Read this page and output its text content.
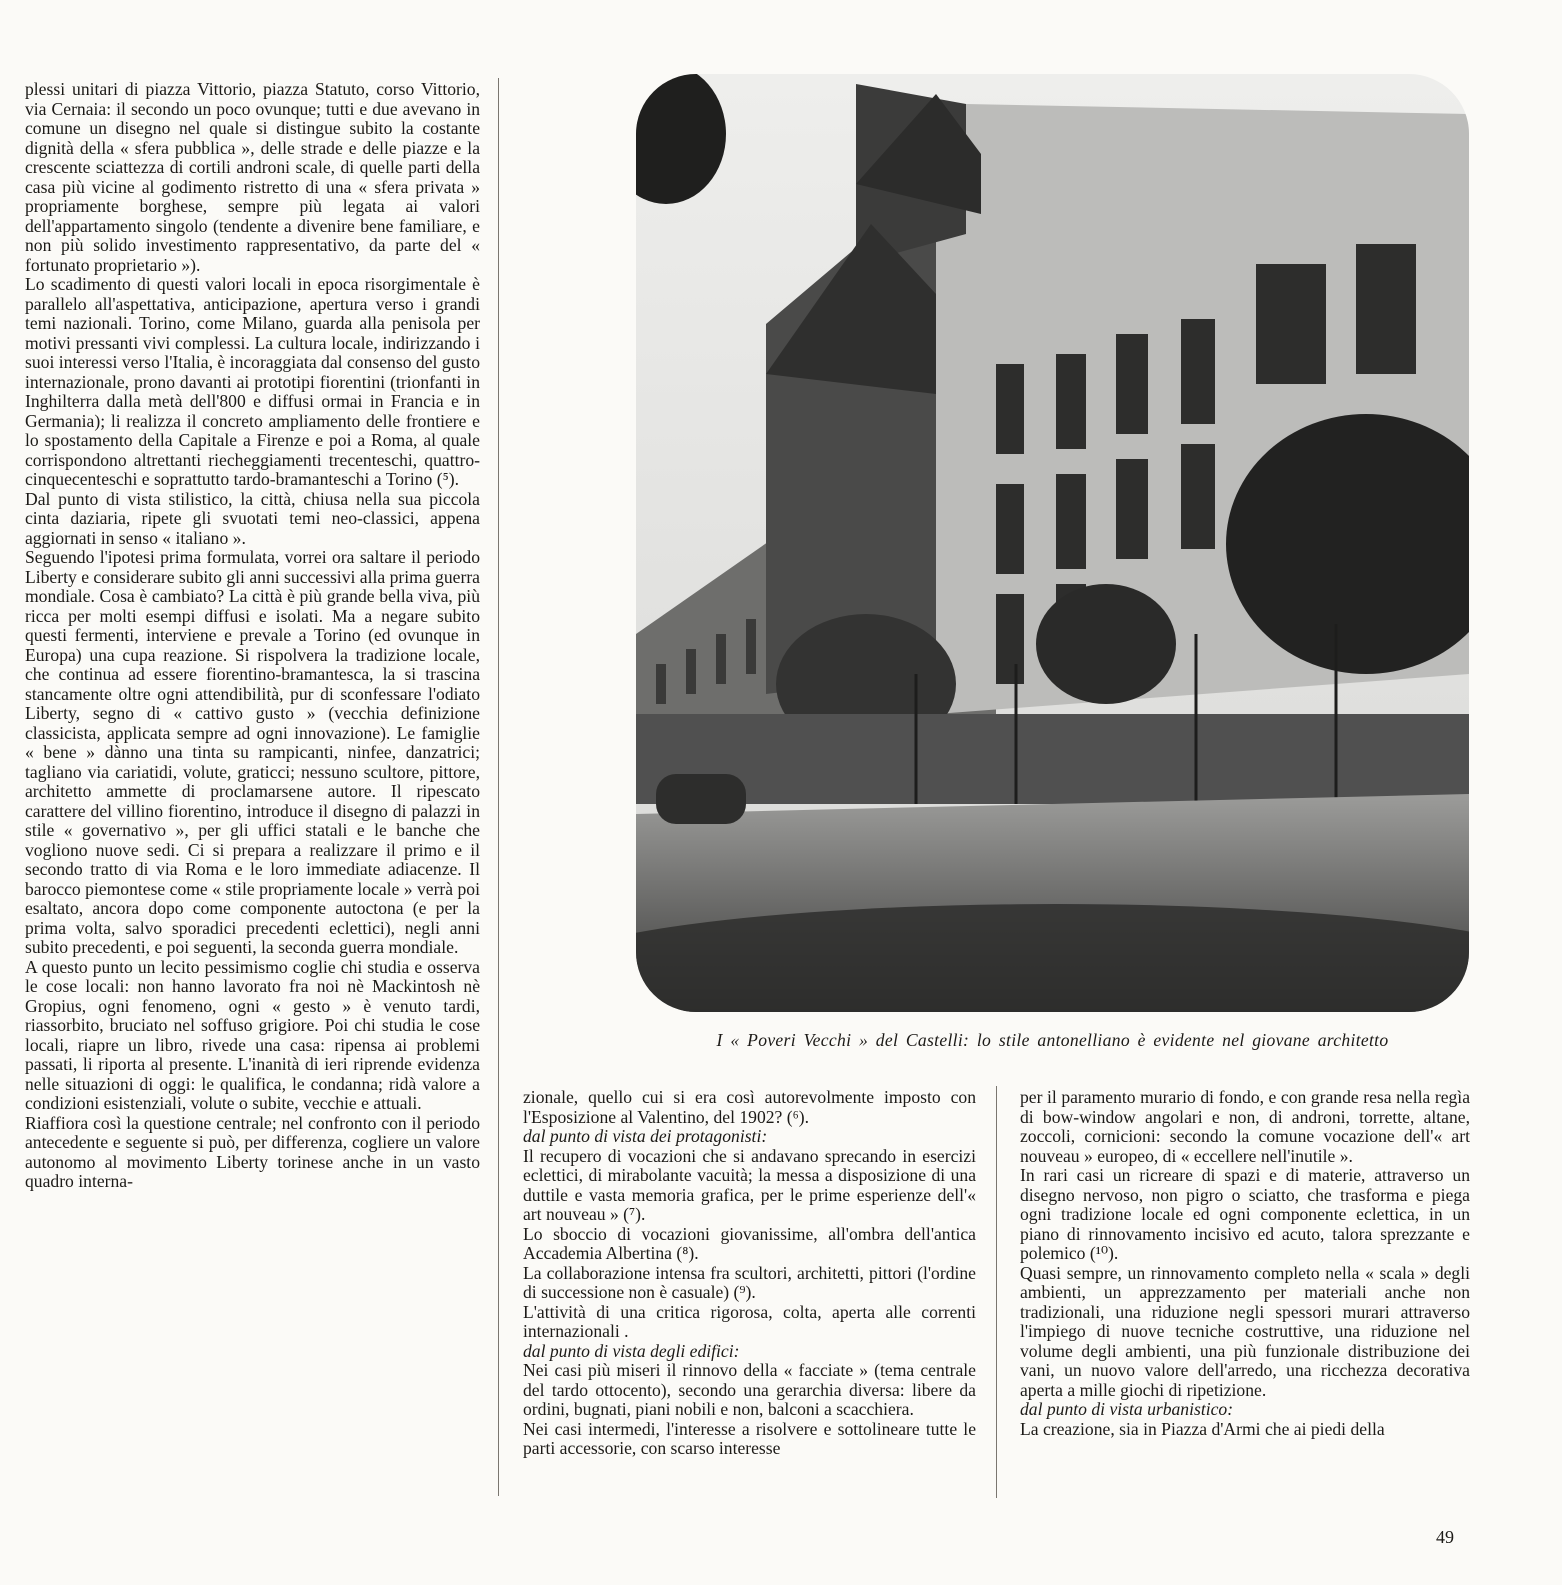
plessi unitari di piazza Vittorio, piazza Statuto, corso Vittorio, via Cernaia: il secondo un poco ovunque; tutti e due avevano in comune un disegno nel quale si distingue subito la costante dignità della « sfera pubblica », delle strade e delle piazze e la crescente sciattezza di cortili androni scale, di quelle parti della casa più vicine al godimento ristretto di una « sfera privata » propriamente borghese, sempre più legata ai valori dell'appartamento singolo (tendente a divenire bene familiare, e non più solido investimento rappresentativo, da parte del « fortunato proprietario »).

Lo scadimento di questi valori locali in epoca risorgimentale è parallelo all'aspettativa, anticipazione, apertura verso i grandi temi nazionali. Torino, come Milano, guarda alla penisola per motivi pressanti vivi complessi. La cultura locale, indirizzando i suoi interessi verso l'Italia, è incoraggiata dal consenso del gusto internazionale, prono davanti ai prototipi fiorentini (trionfanti in Inghilterra dalla metà dell'800 e diffusi ormai in Francia e in Germania); li realizza il concreto ampliamento delle frontiere e lo spostamento della Capitale a Firenze e poi a Roma, al quale corrispondono altrettanti riecheggiamenti trecenteschi, quattro-cinquecenteschi e soprattutto tardo-bramanteschi a Torino (⁵).

Dal punto di vista stilistico, la città, chiusa nella sua piccola cinta daziaria, ripete gli svuotati temi neo-classici, appena aggiornati in senso « italiano ».

Seguendo l'ipotesi prima formulata, vorrei ora saltare il periodo Liberty e considerare subito gli anni successivi alla prima guerra mondiale. Cosa è cambiato? La città è più grande bella viva, più ricca per molti esempi diffusi e isolati. Ma a negare subito questi fermenti, interviene e prevale a Torino (ed ovunque in Europa) una cupa reazione. Si rispolvera la tradizione locale, che continua ad essere fiorentino-bramantesca, la si trascina stancamente oltre ogni attendibilità, pur di sconfessare l'odiato Liberty, segno di « cattivo gusto » (vecchia definizione classicista, applicata sempre ad ogni innovazione). Le famiglie « bene » dànno una tinta su rampicanti, ninfee, danzatrici; tagliano via cariatidi, volute, graticci; nessuno scultore, pittore, architetto ammette di proclamarsene autore. Il ripescato carattere del villino fiorentino, introduce il disegno di palazzi in stile « governativo », per gli uffici statali e le banche che vogliono nuove sedi. Ci si prepara a realizzare il primo e il secondo tratto di via Roma e le loro immediate adiacenze. Il barocco piemontese come « stile propriamente locale » verrà poi esaltato, ancora dopo come componente autoctona (e per la prima volta, salvo sporadici precedenti eclettici), negli anni subito precedenti, e poi seguenti, la seconda guerra mondiale.

A questo punto un lecito pessimismo coglie chi studia e osserva le cose locali: non hanno lavorato fra noi nè Mackintosh nè Gropius, ogni fenomeno, ogni « gesto » è venuto tardi, riassorbito, bruciato nel soffuso grigiore. Poi chi studia le cose locali, riapre un libro, rivede una casa: ripensa ai problemi passati, li riporta al presente. L'inanità di ieri riprende evidenza nelle situazioni di oggi: le qualifica, le condanna; ridà valore a condizioni esistenziali, volute o subite, vecchie e attuali.

Riaffiora così la questione centrale; nel confronto con il periodo antecedente e seguente si può, per differenza, cogliere un valore autonomo al movimento Liberty torinese anche in un vasto quadro interna-

I « Poveri Vecchi » del Castelli: lo stile antonelliano è evidente nel giovane architetto

zionale, quello cui si era così autorevolmente imposto con l'Esposizione al Valentino, del 1902? (⁶).

dal punto di vista dei protagonisti:

Il recupero di vocazioni che si andavano sprecando in esercizi eclettici, di mirabolante vacuità; la messa a disposizione di una duttile e vasta memoria grafica, per le prime esperienze dell'« art nouveau » (⁷).

Lo sboccio di vocazioni giovanissime, all'ombra dell'antica Accademia Albertina (⁸).

La collaborazione intensa fra scultori, architetti, pittori (l'ordine di successione non è casuale) (⁹).

L'attività di una critica rigorosa, colta, aperta alle correnti internazionali .

dal punto di vista degli edifici:

Nei casi più miseri il rinnovo della « facciate » (tema centrale del tardo ottocento), secondo una gerarchia diversa: libere da ordini, bugnati, piani nobili e non, balconi a scacchiera.

Nei casi intermedi, l'interesse a risolvere e sottolineare tutte le parti accessorie, con scarso interesse

per il paramento murario di fondo, e con grande resa nella regìa di bow-window angolari e non, di androni, torrette, altane, zoccoli, cornicioni: secondo la comune vocazione dell'« art nouveau » europeo, di « eccellere nell'inutile ».

In rari casi un ricreare di spazi e di materie, attraverso un disegno nervoso, non pigro o sciatto, che trasforma e piega ogni tradizione locale ed ogni componente eclettica, in un piano di rinnovamento incisivo ed acuto, talora sprezzante e polemico (¹⁰).

Quasi sempre, un rinnovamento completo nella « scala » degli ambienti, un apprezzamento per materiali anche non tradizionali, una riduzione negli spessori murari attraverso l'impiego di nuove tecniche costruttive, una riduzione nel volume degli ambienti, una più funzionale distribuzione dei vani, un nuovo valore dell'arredo, una ricchezza decorativa aperta a mille giochi di ripetizione.

dal punto di vista urbanistico:

La creazione, sia in Piazza d'Armi che ai piedi della

49
